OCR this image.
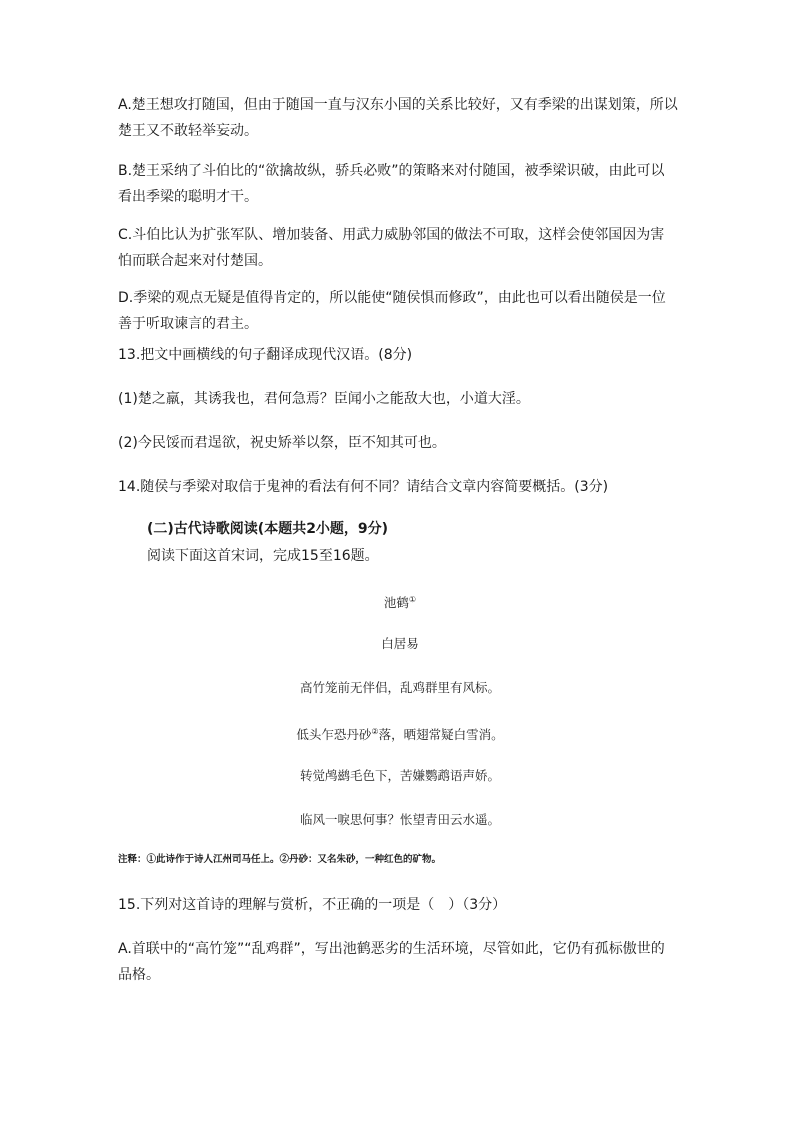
A.楚王想攻打随国，但由于随国一直与汉东小国的关系比较好，又有季梁的出谋划策，所以楚王又不敢轻举妄动。

B.楚王采纳了斗伯比的“欲擒故纵，骄兵必败”的策略来对付随国，被季梁识破，由此可以看出季梁的聪明才干。

C.斗伯比认为扩张军队、增加装备、用武力威胁邻国的做法不可取，这样会使邻国因为害怕而联合起来对付楚国。

D.季梁的观点无疑是值得肯定的，所以能使“随侯惧而修政”，由此也可以看出随侯是一位善于听取谏言的君主。

13.把文中画横线的句子翻译成现代汉语。(8分)

(1)楚之羸，其诱我也，君何急焉？臣闻小之能敌大也，小道大淫。

(2)今民馁而君逞欲，祝史矫举以祭，臣不知其可也。

14.随侯与季梁对取信于鬼神的看法有何不同？请结合文章内容简要概括。(3分)

(二)古代诗歌阅读(本题共2小题，9分)
阅读下面这首宋词，完成15至16题。
池鹤①
白居易
高竹笼前无伴侣，乱鸡群里有风标。
低头乍恐丹砂②落，晒翅常疑白雪消。
转觉鸬鹚毛色下，苦嫌鹦鹉语声娇。
临风一唳思何事？怅望青田云水遥。
注释：①此诗作于诗人江州司马任上。②丹砂：又名朱砂，一种红色的矿物。

15.下列对这首诗的理解与赏析，不正确的一项是（　）（3分）

A.首联中的“高竹笼”“乱鸡群”，写出池鹤恶劣的生活环境，尽管如此，它仍有孤标傲世的品格。
